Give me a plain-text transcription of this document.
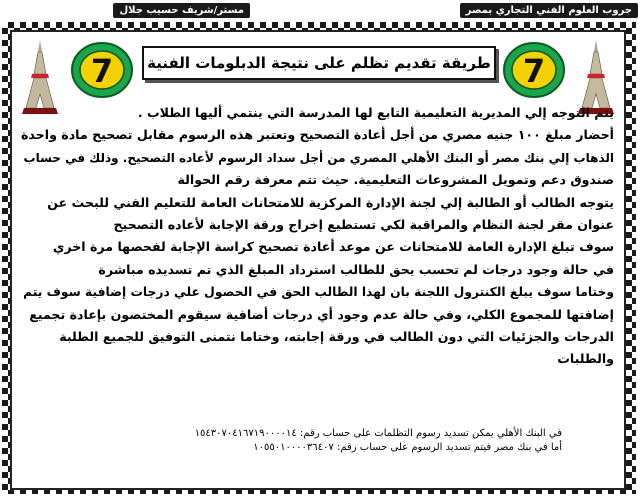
جروب العلوم الفني التجاري بمصر
مستر/شريف حسيب جلال
7	7
طريقة تقديم تظلم على نتيجة الدبلومات الفنية

يتم التوجه إلي المديرية التعليمية التابع لها المدرسة التي ينتمي أليها الطلاب .

أحضار مبلغ ١٠٠ جنيه مصري من أجل أعادة التصحيح وتعتبر هذه الرسوم مقابل تصحيح مادة واحدة

الذهاب إلي بنك مصر أو البنك الأهلي المصري من أجل سداد الرسوم لأعاده التصحيح. وذلك في حساب

صندوق دعم وتمويل المشروعات التعليمية. حيث تتم معرفة رقم الحوالة

يتوجه الطالب أو الطالبة إلي لجنة الإدارة المركزية للامتحانات العامة للتعليم الفني للبحث عن

عنوان مقر لجنة النظام والمراقبة لكي تستطيع إخراج ورقة الإجابة لأعاده التصحيح

سوف تبلغ الإدارة العامة للامتحانات عن موعد أعادة تصحيح كراسة الإجابة لفحصها مرة اخري

في حالة وجود درجات لم تحسب يحق للطالب استرداد المبلغ الذي تم تسديده مباشرة

وختاما سوف يبلغ الكنترول اللجنة بان لهذا الطالب الحق في الحصول علي درجات إضافية سوف يتم

إضافتها للمجموع الكلي، وفي حالة عدم وجود أي درجات أضافية سيقوم المختصون بإعادة تجميع

الدرجات والجزئيات التي دون الطالب في ورقة إجابته، وختاما نتمنى التوفيق للجميع الطلبة

والطلبات

في البنك الأهلي يمكن تسديد رسوم التظلمات على حساب رقم: ١٥٤٣٠٧٠٤١٦٧١٩٠٠٠٠١٤

أما في بنك مصر فيتم تسديد الرسوم على حساب رقم: ١٠٥٥٠١٠٠٠٠٣٦٤٠٧
